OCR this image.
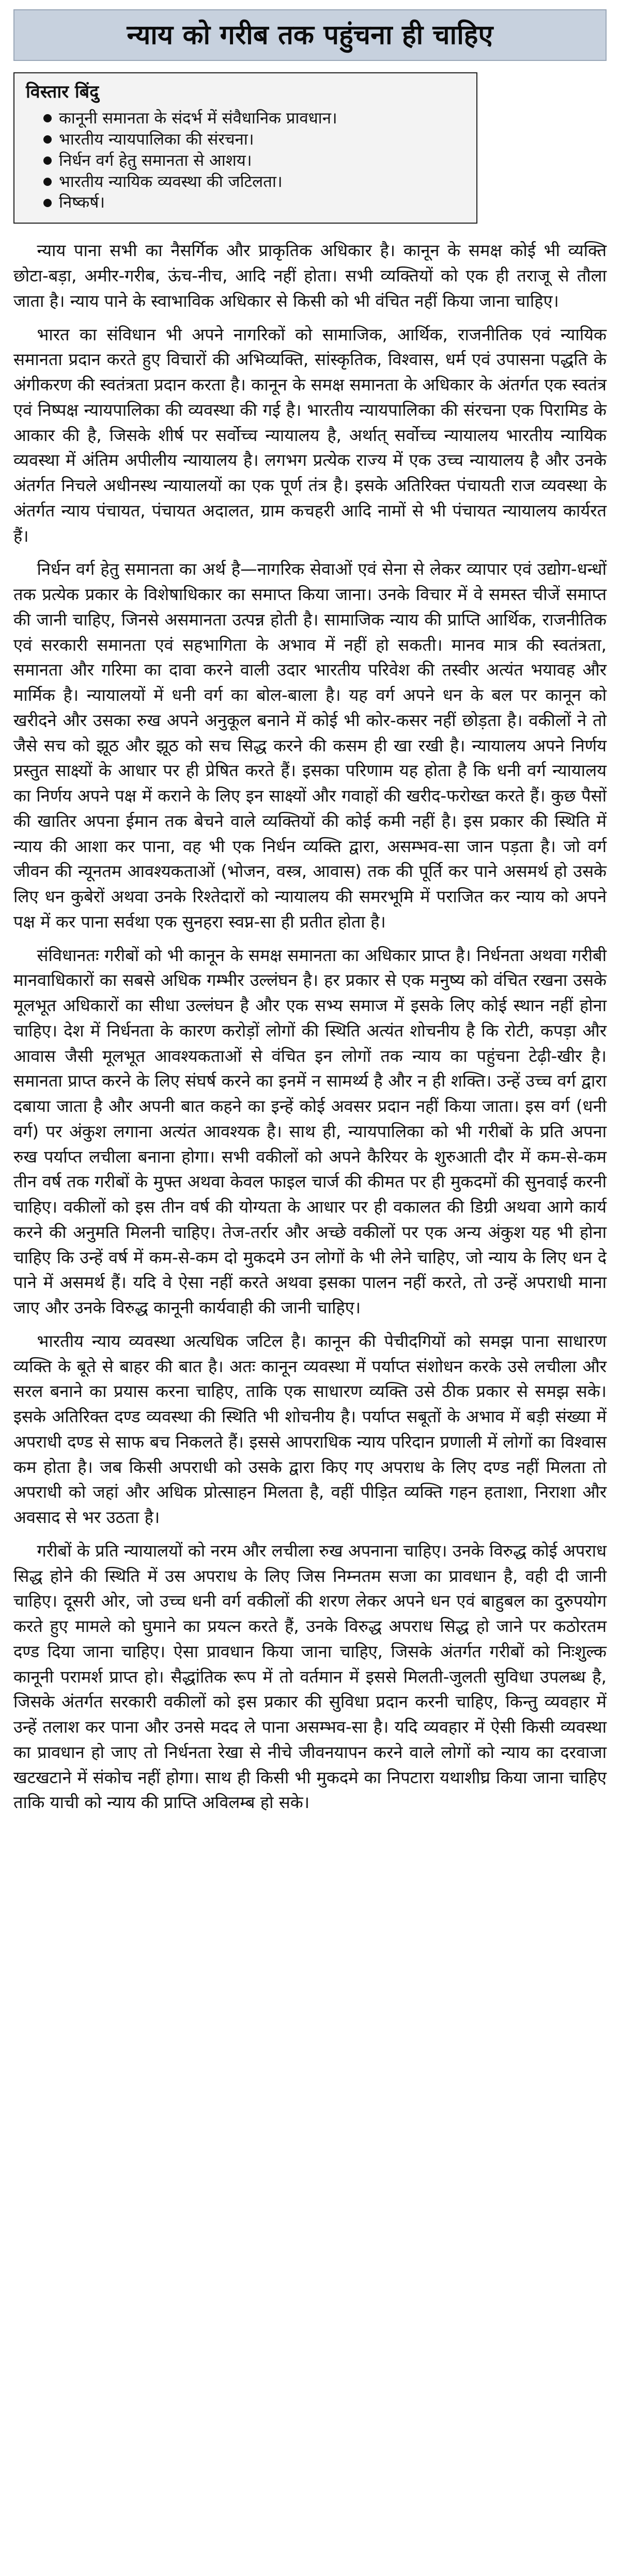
न्याय को गरीब तक पहुंचना ही चाहिए
विस्तार बिंदु
कानूनी समानता के संदर्भ में संवैधानिक प्रावधान।
भारतीय न्यायपालिका की संरचना।
निर्धन वर्ग हेतु समानता से आशय।
भारतीय न्यायिक व्यवस्था की जटिलता।
निष्कर्ष।

न्याय पाना सभी का नैसर्गिक और प्राकृतिक अधिकार है। कानून के समक्ष कोई भी व्यक्ति छोटा-बड़ा, अमीर-गरीब, ऊंच-नीच, आदि नहीं होता। सभी व्यक्तियों को एक ही तराजू से तौला जाता है। न्याय पाने के स्वाभाविक अधिकार से किसी को भी वंचित नहीं किया जाना चाहिए।

भारत का संविधान भी अपने नागरिकों को सामाजिक, आर्थिक, राजनीतिक एवं न्यायिक समानता प्रदान करते हुए विचारों की अभिव्यक्ति, सांस्कृतिक, विश्वास, धर्म एवं उपासना पद्धति के अंगीकरण की स्वतंत्रता प्रदान करता है। कानून के समक्ष समानता के अधिकार के अंतर्गत एक स्वतंत्र एवं निष्पक्ष न्यायपालिका की व्यवस्था की गई है। भारतीय न्यायपालिका की संरचना एक पिरामिड के आकार की है, जिसके शीर्ष पर सर्वोच्च न्यायालय है, अर्थात् सर्वोच्च न्यायालय भारतीय न्यायिक व्यवस्था में अंतिम अपीलीय न्यायालय है। लगभग प्रत्येक राज्य में एक उच्च न्यायालय है और उनके अंतर्गत निचले अधीनस्थ न्यायालयों का एक पूर्ण तंत्र है। इसके अतिरिक्त पंचायती राज व्यवस्था के अंतर्गत न्याय पंचायत, पंचायत अदालत, ग्राम कचहरी आदि नामों से भी पंचायत न्यायालय कार्यरत हैं।

निर्धन वर्ग हेतु समानता का अर्थ है—नागरिक सेवाओं एवं सेना से लेकर व्यापार एवं उद्योग-धन्धों तक प्रत्येक प्रकार के विशेषाधिकार का समाप्त किया जाना। उनके विचार में वे समस्त चीजें समाप्त की जानी चाहिए, जिनसे असमानता उत्पन्न होती है। सामाजिक न्याय की प्राप्ति आर्थिक, राजनीतिक एवं सरकारी समानता एवं सहभागिता के अभाव में नहीं हो सकती। मानव मात्र की स्वतंत्रता, समानता और गरिमा का दावा करने वाली उदार भारतीय परिवेश की तस्वीर अत्यंत भयावह और मार्मिक है। न्यायालयों में धनी वर्ग का बोल-बाला है। यह वर्ग अपने धन के बल पर कानून को खरीदने और उसका रुख अपने अनुकूल बनाने में कोई भी कोर-कसर नहीं छोड़ता है। वकीलों ने तो जैसे सच को झूठ और झूठ को सच सिद्ध करने की कसम ही खा रखी है। न्यायालय अपने निर्णय प्रस्तुत साक्ष्यों के आधार पर ही प्रेषित करते हैं। इसका परिणाम यह होता है कि धनी वर्ग न्यायालय का निर्णय अपने पक्ष में कराने के लिए इन साक्ष्यों और गवाहों की खरीद-फरोख्त करते हैं। कुछ पैसों की खातिर अपना ईमान तक बेचने वाले व्यक्तियों की कोई कमी नहीं है। इस प्रकार की स्थिति में न्याय की आशा कर पाना, वह भी एक निर्धन व्यक्ति द्वारा, असम्भव-सा जान पड़ता है। जो वर्ग जीवन की न्यूनतम आवश्यकताओं (भोजन, वस्त्र, आवास) तक की पूर्ति कर पाने असमर्थ हो उसके लिए धन कुबेरों अथवा उनके रिश्तेदारों को न्यायालय की समरभूमि में पराजित कर न्याय को अपने पक्ष में कर पाना सर्वथा एक सुनहरा स्वप्न-सा ही प्रतीत होता है।

संविधानतः गरीबों को भी कानून के समक्ष समानता का अधिकार प्राप्त है। निर्धनता अथवा गरीबी मानवाधिकारों का सबसे अधिक गम्भीर उल्लंघन है। हर प्रकार से एक मनुष्य को वंचित रखना उसके मूलभूत अधिकारों का सीधा उल्लंघन है और एक सभ्य समाज में इसके लिए कोई स्थान नहीं होना चाहिए। देश में निर्धनता के कारण करोड़ों लोगों की स्थिति अत्यंत शोचनीय है कि रोटी, कपड़ा और आवास जैसी मूलभूत आवश्यकताओं से वंचित इन लोगों तक न्याय का पहुंचना टेढ़ी-खीर है। समानता प्राप्त करने के लिए संघर्ष करने का इनमें न सामर्थ्य है और न ही शक्ति। उन्हें उच्च वर्ग द्वारा दबाया जाता है और अपनी बात कहने का इन्हें कोई अवसर प्रदान नहीं किया जाता। इस वर्ग (धनी वर्ग) पर अंकुश लगाना अत्यंत आवश्यक है। साथ ही, न्यायपालिका को भी गरीबों के प्रति अपना रुख पर्याप्त लचीला बनाना होगा। सभी वकीलों को अपने कैरियर के शुरुआती दौर में कम-से-कम तीन वर्ष तक गरीबों के मुफ्त अथवा केवल फाइल चार्ज की कीमत पर ही मुकदमों की सुनवाई करनी चाहिए। वकीलों को इस तीन वर्ष की योग्यता के आधार पर ही वकालत की डिग्री अथवा आगे कार्य करने की अनुमति मिलनी चाहिए। तेज-तर्रार और अच्छे वकीलों पर एक अन्य अंकुश यह भी होना चाहिए कि उन्हें वर्ष में कम-से-कम दो मुकदमे उन लोगों के भी लेने चाहिए, जो न्याय के लिए धन दे पाने में असमर्थ हैं। यदि वे ऐसा नहीं करते अथवा इसका पालन नहीं करते, तो उन्हें अपराधी माना जाए और उनके विरुद्ध कानूनी कार्यवाही की जानी चाहिए।

भारतीय न्याय व्यवस्था अत्यधिक जटिल है। कानून की पेचीदगियों को समझ पाना साधारण व्यक्ति के बूते से बाहर की बात है। अतः कानून व्यवस्था में पर्याप्त संशोधन करके उसे लचीला और सरल बनाने का प्रयास करना चाहिए, ताकि एक साधारण व्यक्ति उसे ठीक प्रकार से समझ सके। इसके अतिरिक्त दण्ड व्यवस्था की स्थिति भी शोचनीय है। पर्याप्त सबूतों के अभाव में बड़ी संख्या में अपराधी दण्ड से साफ बच निकलते हैं। इससे आपराधिक न्याय परिदान प्रणाली में लोगों का विश्वास कम होता है। जब किसी अपराधी को उसके द्वारा किए गए अपराध के लिए दण्ड नहीं मिलता तो अपराधी को जहां और अधिक प्रोत्साहन मिलता है, वहीं पीड़ित व्यक्ति गहन हताशा, निराशा और अवसाद से भर उठता है।

गरीबों के प्रति न्यायालयों को नरम और लचीला रुख अपनाना चाहिए। उनके विरुद्ध कोई अपराध सिद्ध होने की स्थिति में उस अपराध के लिए जिस निम्नतम सजा का प्रावधान है, वही दी जानी चाहिए। दूसरी ओर, जो उच्च धनी वर्ग वकीलों की शरण लेकर अपने धन एवं बाहुबल का दुरुपयोग करते हुए मामले को घुमाने का प्रयत्न करते हैं, उनके विरुद्ध अपराध सिद्ध हो जाने पर कठोरतम दण्ड दिया जाना चाहिए। ऐसा प्रावधान किया जाना चाहिए, जिसके अंतर्गत गरीबों को निःशुल्क कानूनी परामर्श प्राप्त हो। सैद्धांतिक रूप में तो वर्तमान में इससे मिलती-जुलती सुविधा उपलब्ध है, जिसके अंतर्गत सरकारी वकीलों को इस प्रकार की सुविधा प्रदान करनी चाहिए, किन्तु व्यवहार में उन्हें तलाश कर पाना और उनसे मदद ले पाना असम्भव-सा है। यदि व्यवहार में ऐसी किसी व्यवस्था का प्रावधान हो जाए तो निर्धनता रेखा से नीचे जीवनयापन करने वाले लोगों को न्याय का दरवाजा खटखटाने में संकोच नहीं होगा। साथ ही किसी भी मुकदमे का निपटारा यथाशीघ्र किया जाना चाहिए ताकि याची को न्याय की प्राप्ति अविलम्ब हो सके।
